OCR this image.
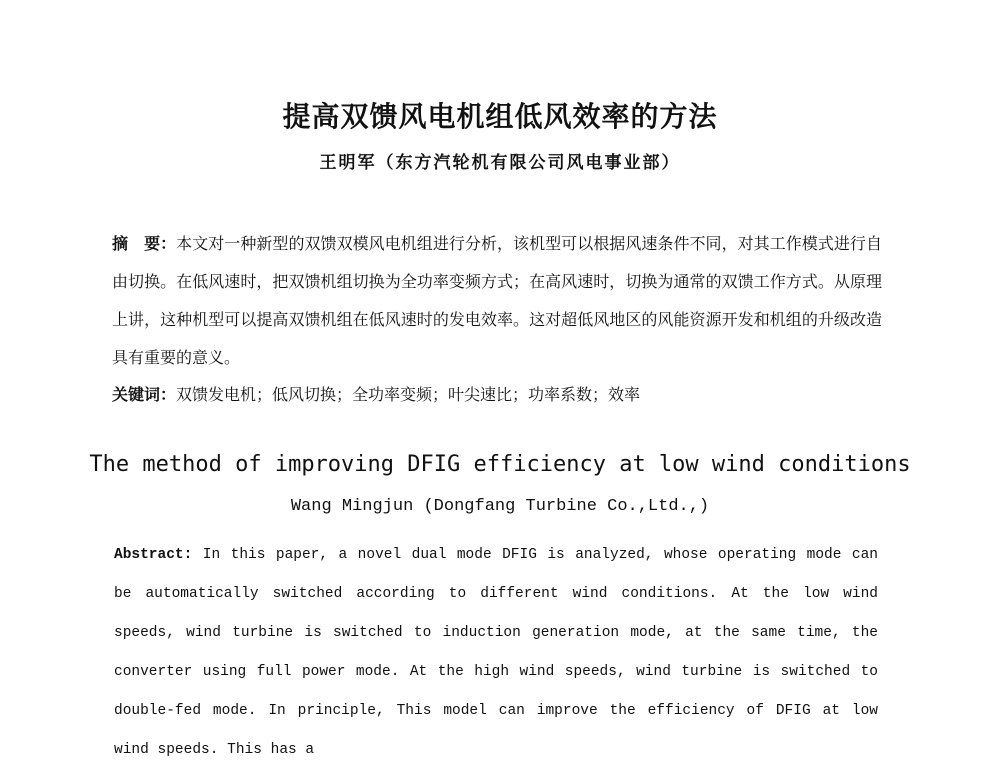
提高双馈风电机组低风效率的方法
王明军（东方汽轮机有限公司风电事业部）
摘　要：本文对一种新型的双馈双模风电机组进行分析，该机型可以根据风速条件不同，对其工作模式进行自由切换。在低风速时，把双馈机组切换为全功率变频方式；在高风速时，切换为通常的双馈工作方式。从原理上讲，这种机型可以提高双馈机组在低风速时的发电效率。这对超低风地区的风能资源开发和机组的升级改造具有重要的意义。
关键词：双馈发电机；低风切换；全功率变频；叶尖速比；功率系数；效率
The method of improving DFIG efficiency at low wind conditions
Wang Mingjun (Dongfang Turbine Co.,Ltd.,)
Abstract: In this paper, a novel dual mode DFIG is analyzed, whose operating mode can be automatically switched according to different wind conditions. At the low wind speeds, wind turbine is switched to induction generation mode, at the same time, the converter using full power mode. At the high wind speeds, wind turbine is switched to double-fed mode. In principle, This model can improve the efficiency of DFIG at low wind speeds. This has a
